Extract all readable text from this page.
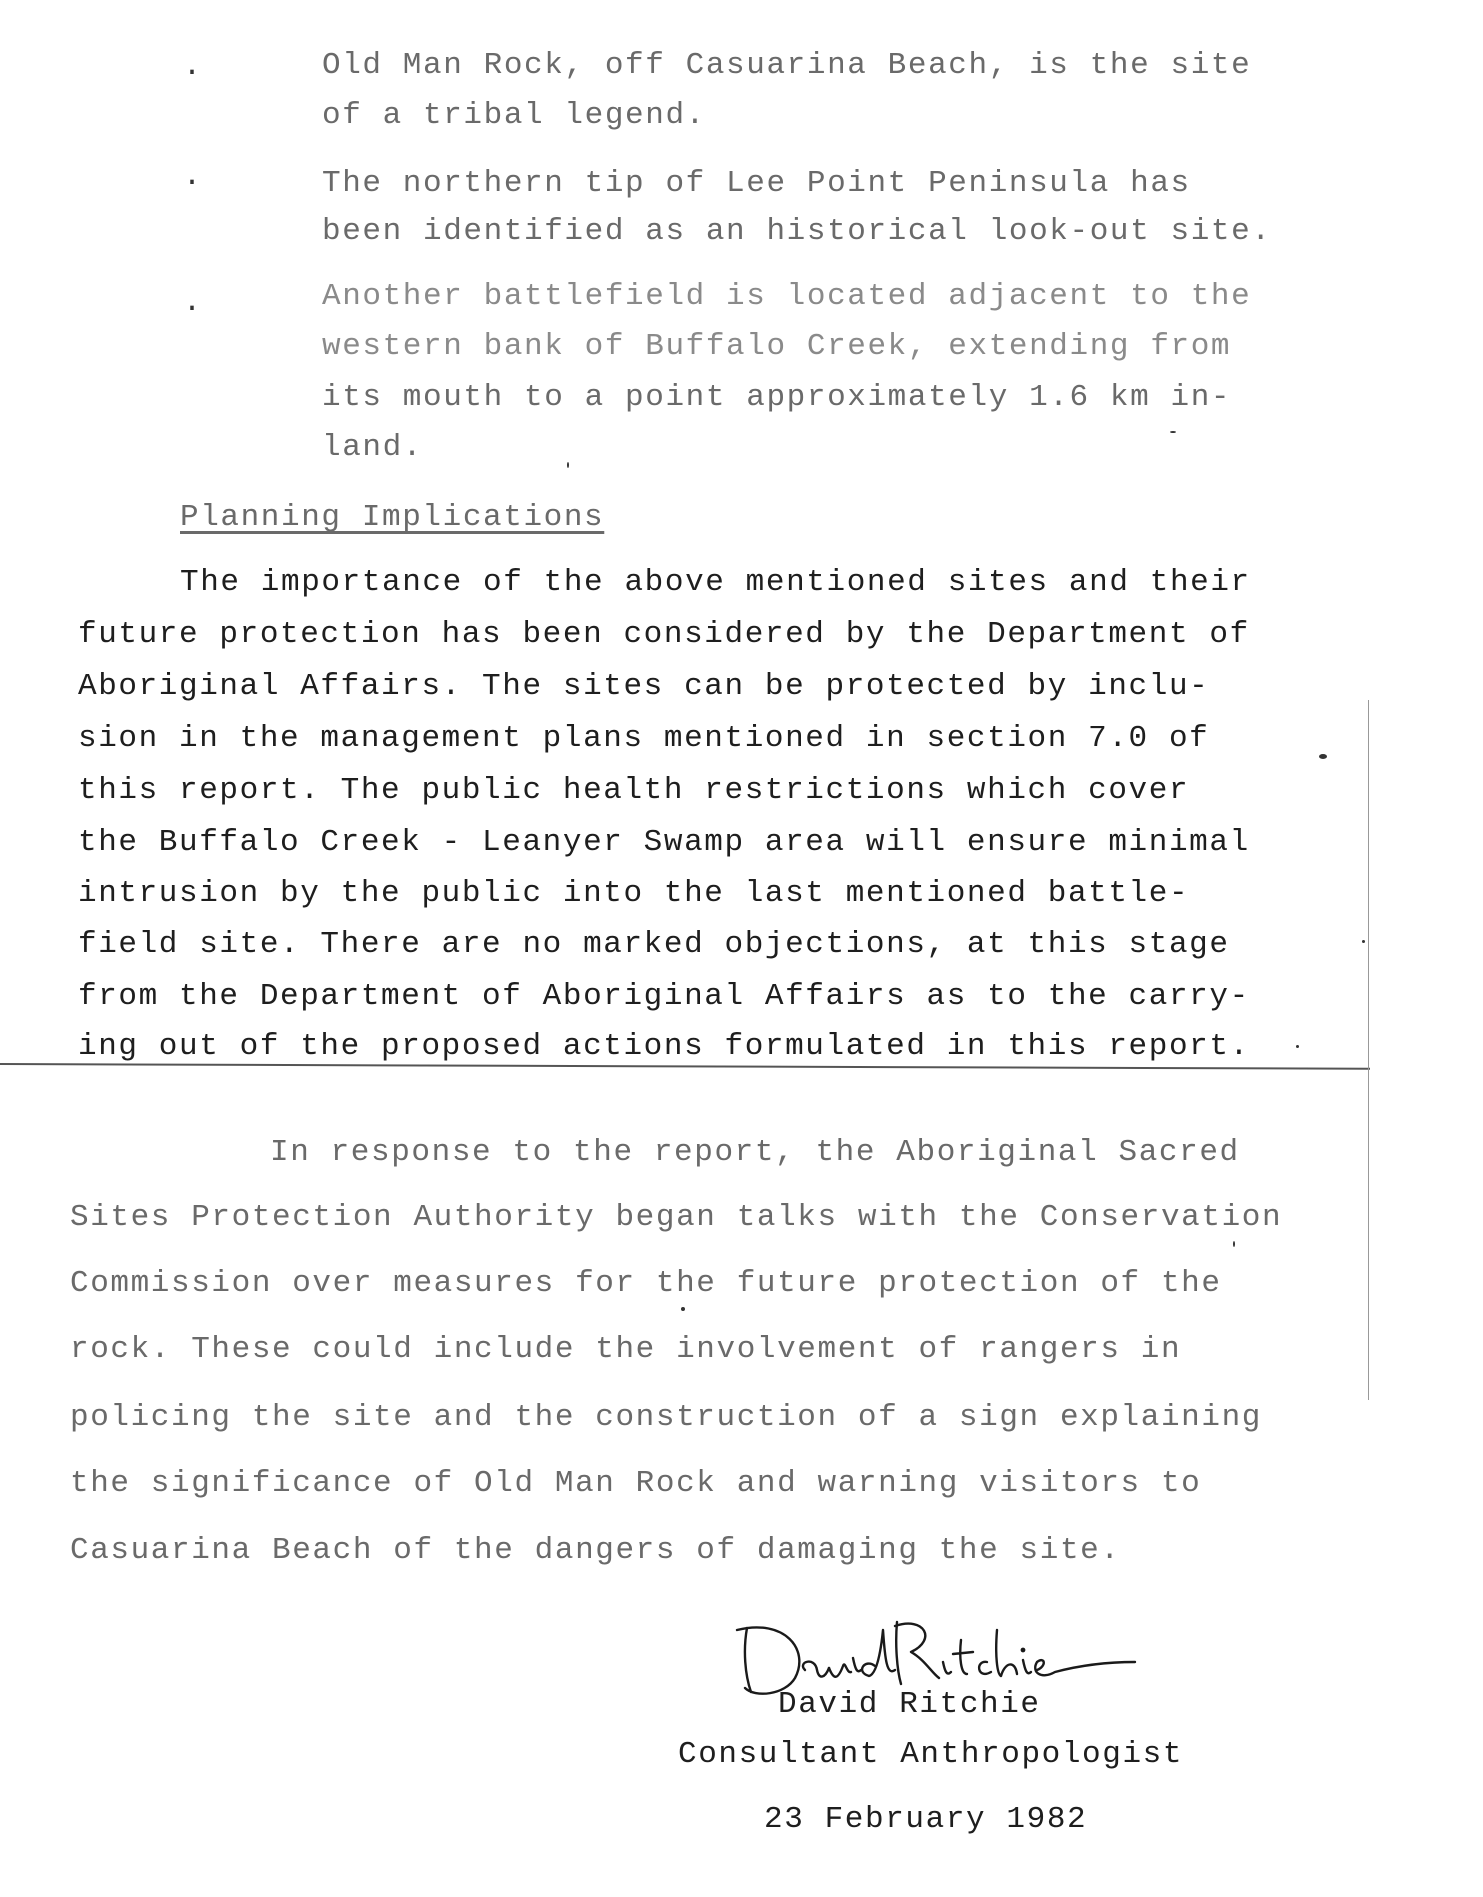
.	Old Man Rock, off Casuarina Beach, is the site
of a tribal legend.
.	The northern tip of Lee Point Peninsula has
been identified as an historical look-out site.
.	Another battlefield is located adjacent to the
western bank of Buffalo Creek, extending from
its mouth to a point approximately 1.6 km in-
land.
Planning Implications
The importance of the above mentioned sites and their
future protection has been considered by the Department of
Aboriginal Affairs. The sites can be protected by inclu-
sion in the management plans mentioned in section 7.0 of
this report. The public health restrictions which cover
the Buffalo Creek - Leanyer Swamp area will ensure minimal
intrusion by the public into the last mentioned battle-
field site. There are no marked objections, at this stage
from the Department of Aboriginal Affairs as to the carry-
ing out of the proposed actions formulated in this report.
In response to the report, the Aboriginal Sacred
Sites Protection Authority began talks with the Conservation
Commission over measures for the future protection of the
rock. These could include the involvement of rangers in
policing the site and the construction of a sign explaining
the significance of Old Man Rock and warning visitors to
Casuarina Beach of the dangers of damaging the site.
David Ritchie
Consultant Anthropologist
23 February 1982
